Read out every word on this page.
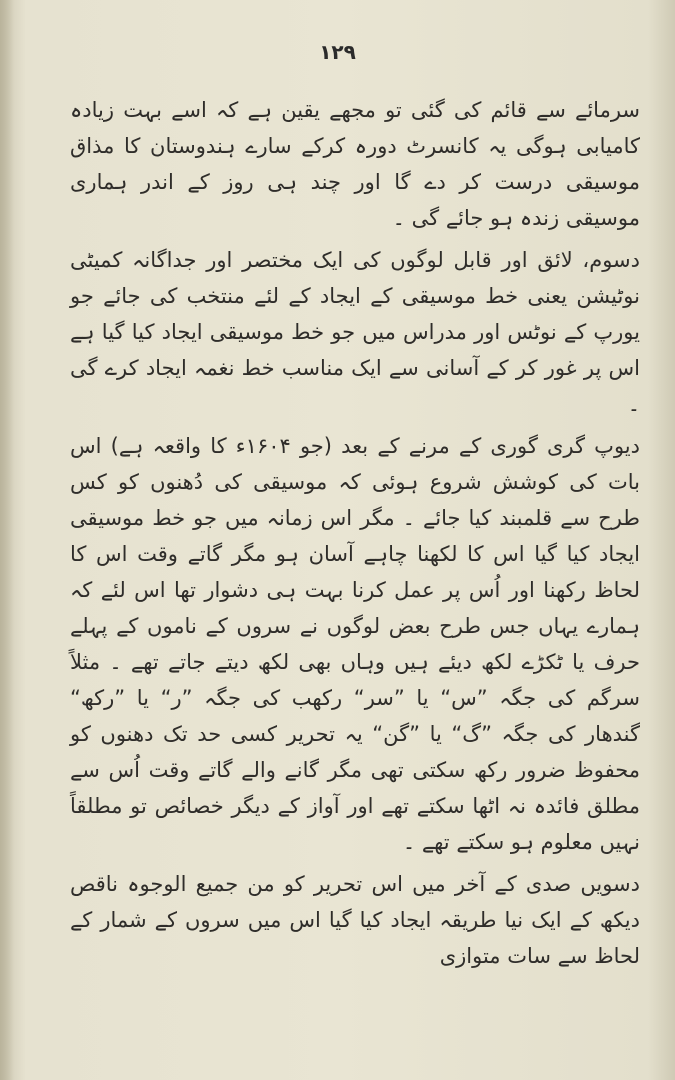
۱۲۹

سرمائے سے قائم کی گئی تو مجھے یقین ہے کہ اسے بہت زیادہ کامیابی ہوگی یہ کانسرٹ دورہ کرکے سارے ہندوستان کا مذاق موسیقی درست کر دے گا اور چند ہی روز کے اندر ہماری موسیقی زندہ ہو جائے گی ۔

دسوم، لائق اور قابل لوگوں کی ایک مختصر اور جداگانہ کمیٹی نوٹیشن یعنی خط موسیقی کے ایجاد کے لئے منتخب کی جائے جو یورپ کے نوٹس اور مدراس میں جو خط موسیقی ایجاد کیا گیا ہے اس پر غور کر کے آسانی سے ایک مناسب خط نغمہ ایجاد کرے گی ۔

دیوپ گری گوری کے مرنے کے بعد (جو ۱۶۰۴ء کا واقعہ ہے) اس بات کی کوشش شروع ہوئی کہ موسیقی کی دُھنوں کو کس طرح سے قلمبند کیا جائے ۔ مگر اس زمانہ میں جو خط موسیقی ایجاد کیا گیا اس کا لکھنا چاہے آسان ہو مگر گاتے وقت اس کا لحاظ رکھنا اور اُس پر عمل کرنا بہت ہی دشوار تھا اس لئے کہ ہمارے یہاں جس طرح بعض لوگوں نے سروں کے ناموں کے پہلے حرف یا ٹکڑے لکھ دیئے ہیں وہاں بھی لکھ دیتے جاتے تھے ۔ مثلاً سرگم کی جگہ ”س“ یا ”سر“ رکھب کی جگہ ”ر“ یا ”رکھ“ گندھار کی جگہ ”گ“ یا ”گن“ یہ تحریر کسی حد تک دھنوں کو محفوظ ضرور رکھ سکتی تھی مگر گانے والے گاتے وقت اُس سے مطلق فائدہ نہ اٹھا سکتے تھے اور آواز کے دیگر خصائص تو مطلقاً نہیں معلوم ہو سکتے تھے ۔

دسویں صدی کے آخر میں اس تحریر کو من جمیع الوجوہ ناقص دیکھ کے ایک نیا طریقہ ایجاد کیا گیا اس میں سروں کے شمار کے لحاظ سے سات متوازی
